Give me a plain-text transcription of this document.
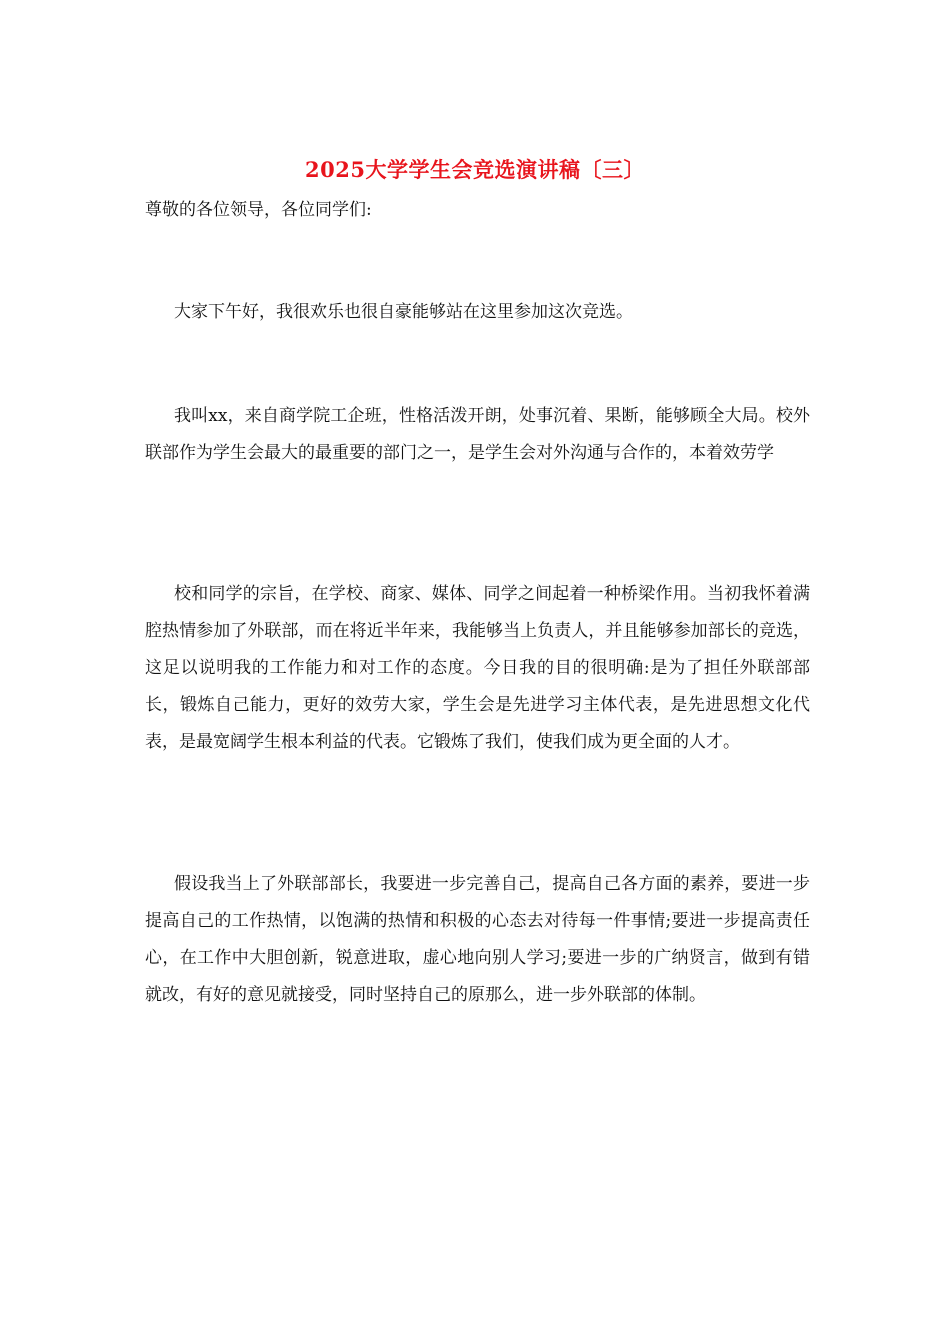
2025大学学生会竞选演讲稿〔三〕
尊敬的各位领导，各位同学们:
大家下午好，我很欢乐也很自豪能够站在这里参加这次竞选。
我叫xx，来自商学院工企班，性格活泼开朗，处事沉着、果断，能够顾全大局。校外联部作为学生会最大的最重要的部门之一，是学生会对外沟通与合作的，本着效劳学
校和同学的宗旨，在学校、商家、媒体、同学之间起着一种桥梁作用。当初我怀着满腔热情参加了外联部，而在将近半年来，我能够当上负责人，并且能够参加部长的竞选，这足以说明我的工作能力和对工作的态度。今日我的目的很明确:是为了担任外联部部长，锻炼自己能力，更好的效劳大家，学生会是先进学习主体代表，是先进思想文化代表，是最宽阔学生根本利益的代表。它锻炼了我们，使我们成为更全面的人才。
假设我当上了外联部部长，我要进一步完善自己，提高自己各方面的素养，要进一步提高自己的工作热情，以饱满的热情和积极的心态去对待每一件事情;要进一步提高责任心，在工作中大胆创新，锐意进取，虚心地向别人学习;要进一步的广纳贤言，做到有错就改，有好的意见就接受，同时坚持自己的原那么，进一步外联部的体制。
